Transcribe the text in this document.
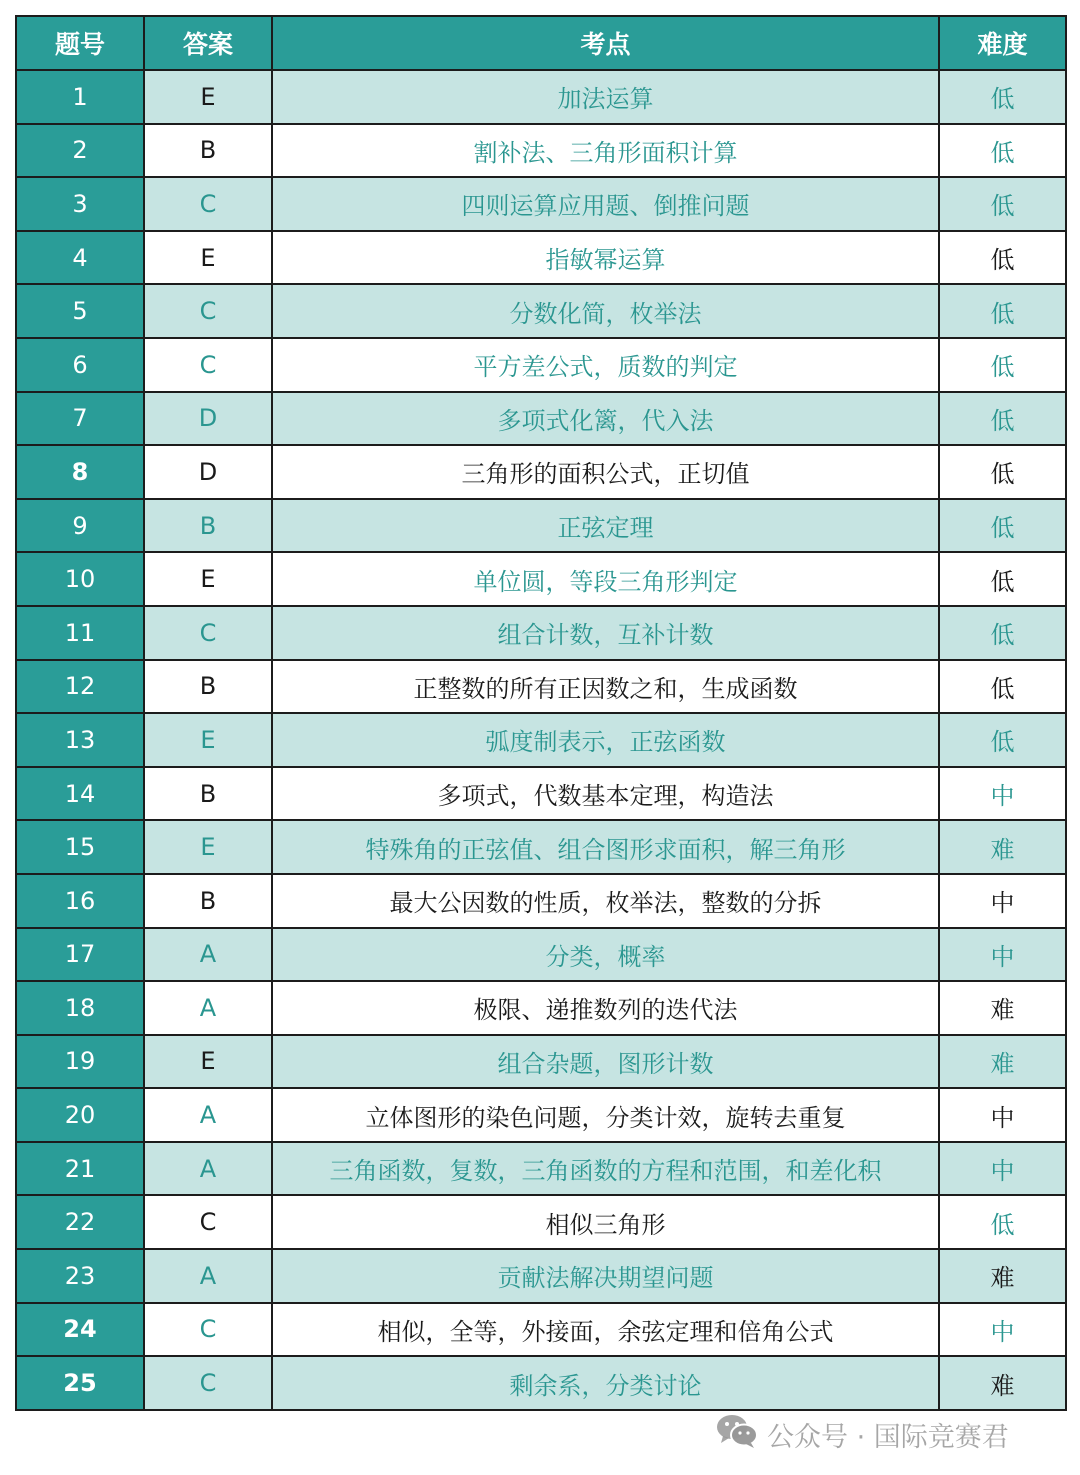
题号	答案	考点	难度
1	E	加法运算	低
2	B	割补法、三角形面积计算	低
3	C	四则运算应用题、倒推问题	低
4	E	指敏幂运算	低
5	C	分数化简，枚举法	低
6	C	平方差公式，质数的判定	低
7	D	多项式化篱，代入法	低
8	D	三角形的面积公式，正切值	低
9	B	正弦定理	低
10	E	单位圆，等段三角形判定	低
11	C	组合计数，互补计数	低
12	B	正整数的所有正因数之和，生成函数	低
13	E	弧度制表示，正弦函数	低
14	B	多项式，代数基本定理，构造法	中
15	E	特殊角的正弦值、组合图形求面积，解三角形	难
16	B	最大公因数的性质，枚举法，整数的分拆	中
17	A	分类，概率	中
18	A	极限、递推数列的迭代法	难
19	E	组合杂题，图形计数	难
20	A	立体图形的染色问题，分类计效，旋转去重复	中
21	A	三角函数，复数，三角函数的方程和范围，和差化积	中
22	C	相似三角形	低
23	A	贡献法解决期望问题	难
24	C	相似，全等，外接面，余弦定理和倍角公式	中
25	C	剩余系，分类讨论	难
公众号 · 国际竞赛君
